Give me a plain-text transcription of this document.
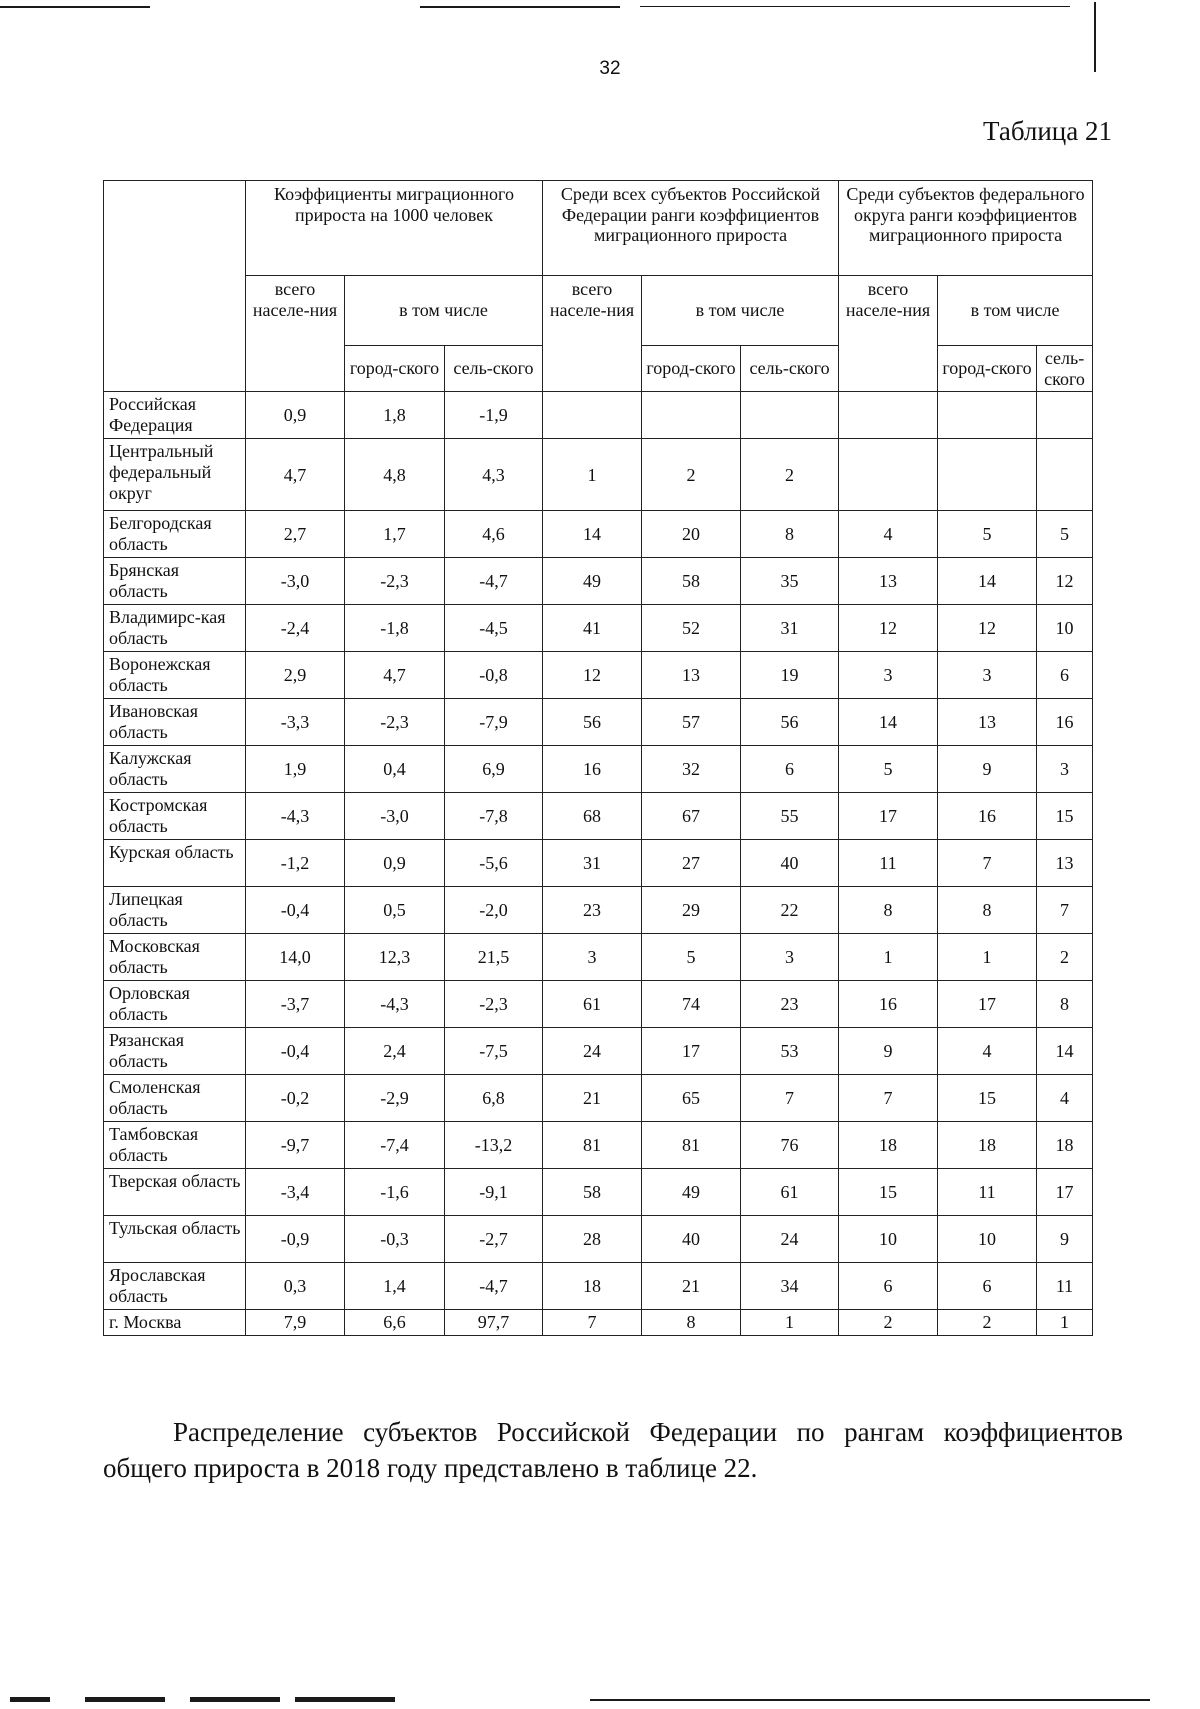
32
Таблица 21
	Коэффициенты миграционного прироста на 1000 человек			Среди всех субъектов Российской Федерации ранги коэффициентов миграционного прироста			Среди субъектов федерального округа ранги коэффициентов миграционного прироста		
	всего населе-ния	в том числе		всего населе-ния	в том числе		всего населе-ния	в том числе	
		город-ского	сель-ского		город-ского	сель-ского		город-ского	сель-ского
Российская Федерация	0,9	1,8	-1,9						
Центральный федеральный округ	4,7	4,8	4,3	1	2	2			
Белгородская область	2,7	1,7	4,6	14	20	8	4	5	5
Брянская область	-3,0	-2,3	-4,7	49	58	35	13	14	12
Владимирс-кая область	-2,4	-1,8	-4,5	41	52	31	12	12	10
Воронежская область	2,9	4,7	-0,8	12	13	19	3	3	6
Ивановская область	-3,3	-2,3	-7,9	56	57	56	14	13	16
Калужская область	1,9	0,4	6,9	16	32	6	5	9	3
Костромская область	-4,3	-3,0	-7,8	68	67	55	17	16	15
Курская область	-1,2	0,9	-5,6	31	27	40	11	7	13
Липецкая область	-0,4	0,5	-2,0	23	29	22	8	8	7
Московская область	14,0	12,3	21,5	3	5	3	1	1	2
Орловская область	-3,7	-4,3	-2,3	61	74	23	16	17	8
Рязанская область	-0,4	2,4	-7,5	24	17	53	9	4	14
Смоленская область	-0,2	-2,9	6,8	21	65	7	7	15	4
Тамбовская область	-9,7	-7,4	-13,2	81	81	76	18	18	18
Тверская область	-3,4	-1,6	-9,1	58	49	61	15	11	17
Тульская область	-0,9	-0,3	-2,7	28	40	24	10	10	9
Ярославская область	0,3	1,4	-4,7	18	21	34	6	6	11
г. Москва	7,9	6,6	97,7	7	8	1	2	2	1

Распределение субъектов Российской Федерации по рангам коэффициентов общего прироста в 2018 году представлено в таблице 22.
